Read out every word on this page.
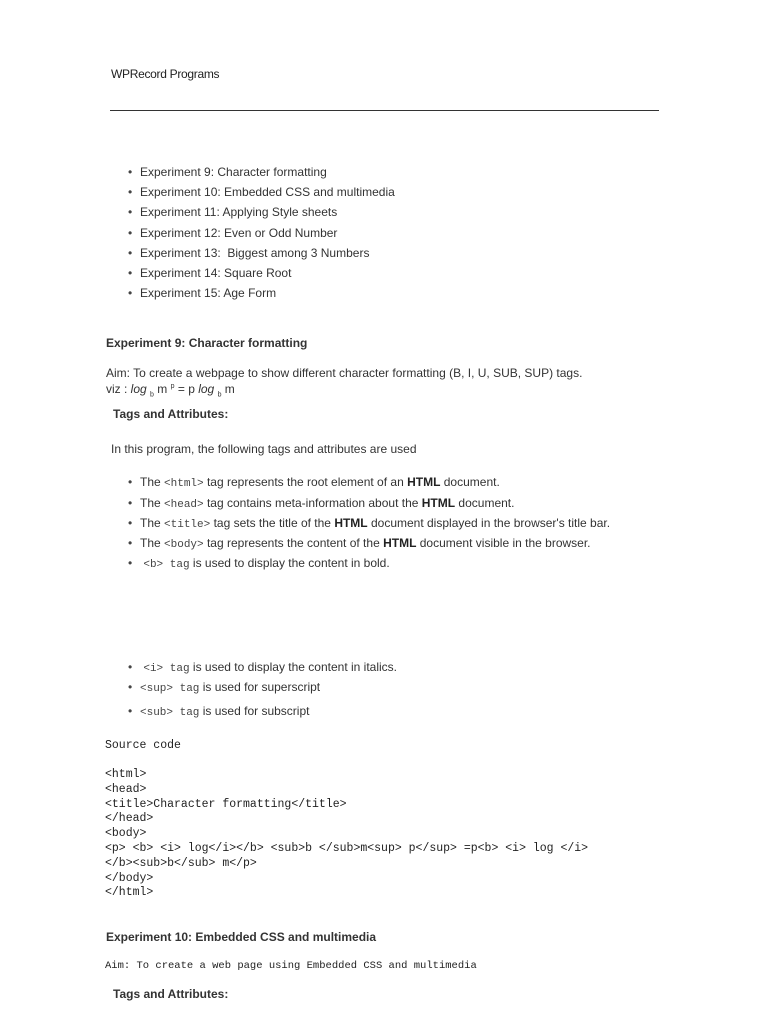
WPRecord Programs
• Experiment 9: Character formatting
• Experiment 10: Embedded CSS and multimedia
• Experiment 11: Applying Style sheets
• Experiment 12: Even or Odd Number
• Experiment 13:  Biggest among 3 Numbers
• Experiment 14: Square Root
• Experiment 15: Age Form
Experiment 9: Character formatting
Aim: To create a webpage to show different character formatting (B, I, U, SUB, SUP) tags.
viz : log $_b$ m $^p$ = p log $_b$ m
Tags and Attributes:
In this program, the following tags and attributes are used
• The <html> tag represents the root element of an HTML document.
• The <head> tag contains meta-information about the HTML document.
• The <title> tag sets the title of the HTML document displayed in the browser's title bar.
• The <body> tag represents the content of the HTML document visible in the browser.
• <b> tag is used to display the content in bold.
• <i> tag is used to display the content in italics.
• <sup> tag is used for superscript
• <sub> tag is used for subscript
Source code
<html>
<head>
<title>Character formatting</title>
</head>
<body>
<p> <b> <i> log</i></b> <sub>b </sub>m<sup> p</sup> =p<b> <i> log </i>
</b><sub>b</sub> m</p>
</body>
</html>
Experiment 10: Embedded CSS and multimedia
Aim: To create a web page using Embedded CSS and multimedia
Tags and Attributes:
